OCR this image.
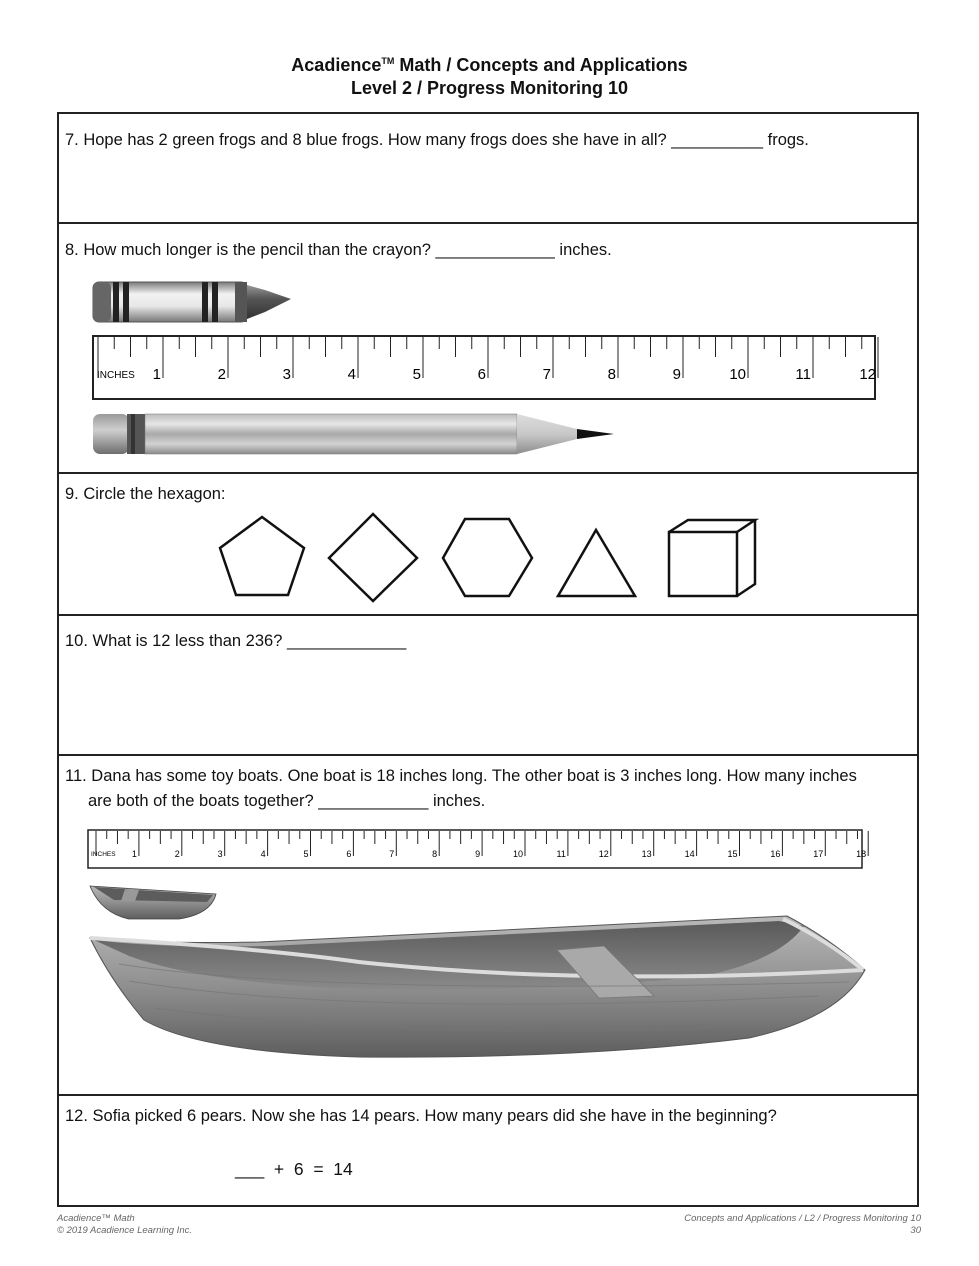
Acadience™ Math / Concepts and Applications
Level 2 / Progress Monitoring 10
7. Hope has 2 green frogs and 8 blue frogs. How many frogs does she have in all? __________ frogs.
8. How much longer is the pencil than the crayon? _____________ inches.
INCHES 1	2	3	4	5	6	7	8	9	10	11	12
9. Circle the hexagon:
10. What is 12 less than 236? _____________
11. Dana has some toy boats. One boat is 18 inches long. The other boat is 3 inches long. How many inches
are both of the boats together? ____________ inches.
INCHES 1	2	3	4	5	6	7	8	9	10	11	12	13	14	15	16	17	18
12. Sofia picked 6 pears. Now she has 14 pears. How many pears did she have in the beginning?
___  +  6  =  14
Acadience™ Math
© 2019 Acadience Learning Inc.
Concepts and Applications / L2 / Progress Monitoring 10
30
